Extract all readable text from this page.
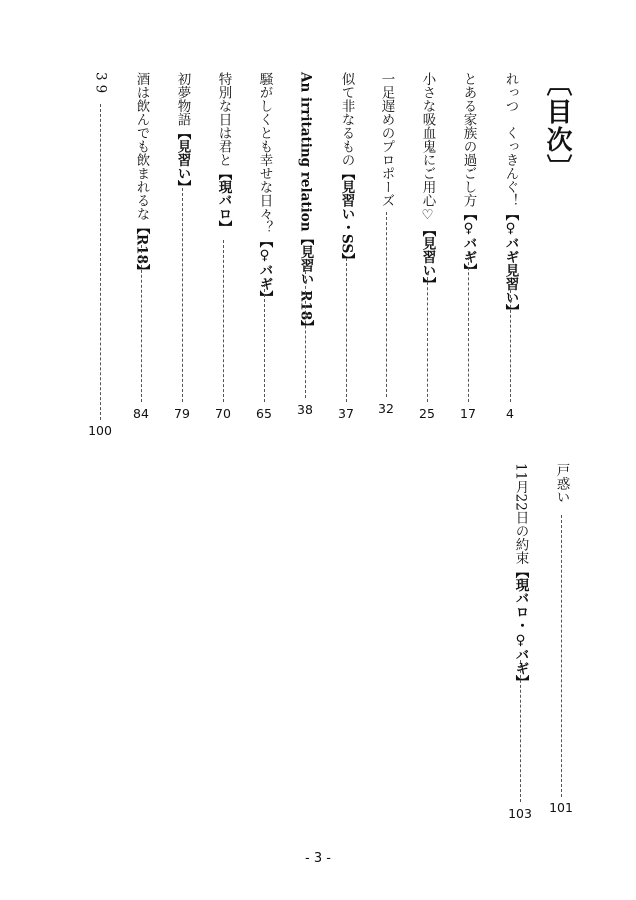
〔目次〕
れっつ　くっきんぐ！【♀バギ見習い】
4
とある家族の過ごし方【♀バギ】
17
小さな吸血鬼にご用心♡【見習い】
25
一足遅めのプロポーズ
32
似て非なるもの【見習い・SS】
37
An irritating relation【見習い R18】
38
騒がしくとも幸せな日々？【♀バギ】
65
特別な日は君と【現バロ】
70
初夢物語【見習い】
79
酒は飲んでも飲まれるな【R18】
84
39
100
戸惑い
101
11月22日の約束【現バロ・♀バギ】
103
- 3 -
